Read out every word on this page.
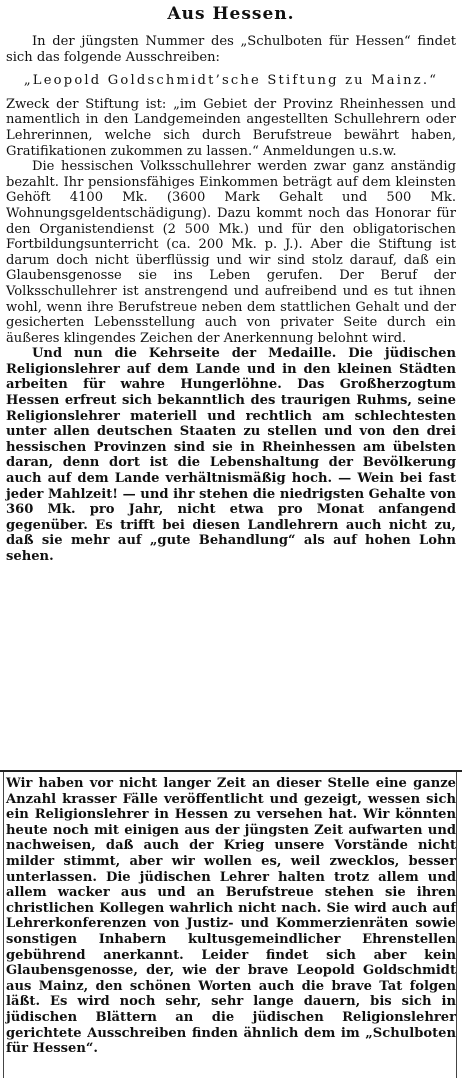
Aus Hessen.

In der jüngsten Nummer des „Schulboten für Hessen“ findet sich das folgende Ausschreiben:

„Leopold Goldschmidt’sche Stiftung zu Mainz.“

Zweck der Stiftung ist: „im Gebiet der Provinz Rheinhessen und namentlich in den Landgemeinden angestellten Schullehrern oder Lehrerinnen, welche sich durch Berufstreue bewährt haben, Gratifikationen zukommen zu lassen.“ Anmeldungen u.s.w.

Die hessischen Volksschullehrer werden zwar ganz anständig bezahlt. Ihr pensionsfähiges Einkommen beträgt auf dem kleinsten Gehöft 4100 Mk. (3600 Mark Gehalt und 500 Mk. Wohnungsgeldentschädigung). Dazu kommt noch das Honorar für den Organistendienst (2 500 Mk.) und für den obligatorischen Fortbildungsunterricht (ca. 200 Mk. p. J.). Aber die Stiftung ist darum doch nicht überflüssig und wir sind stolz darauf, daß ein Glaubensgenosse sie ins Leben gerufen. Der Beruf der Volksschullehrer ist anstrengend und aufreibend und es tut ihnen wohl, wenn ihre Berufstreue neben dem stattlichen Gehalt und der gesicherten Lebensstellung auch von privater Seite durch ein äußeres klingendes Zeichen der Anerkennung belohnt wird.

Und nun die Kehrseite der Medaille. Die jüdischen Religionslehrer auf dem Lande und in den kleinen Städten arbeiten für wahre Hungerlöhne. Das Großherzogtum Hessen erfreut sich bekanntlich des traurigen Ruhms, seine Religionslehrer materiell und rechtlich am schlechtesten unter allen deutschen Staaten zu stellen und von den drei hessischen Provinzen sind sie in Rheinhessen am übelsten daran, denn dort ist die Lebenshaltung der Bevölkerung auch auf dem Lande verhältnismäßig hoch. — Wein bei fast jeder Mahlzeit! — und ihr stehen die niedrigsten Gehalte von 360 Mk. pro Jahr, nicht etwa pro Monat anfangend gegenüber. Es trifft bei diesen Landlehrern auch nicht zu, daß sie mehr auf „gute Behandlung“ als auf hohen Lohn sehen.

Wir haben vor nicht langer Zeit an dieser Stelle eine ganze Anzahl krasser Fälle veröffentlicht und gezeigt, wessen sich ein Religionslehrer in Hessen zu versehen hat. Wir könnten heute noch mit einigen aus der jüngsten Zeit aufwarten und nachweisen, daß auch der Krieg unsere Vorstände nicht milder stimmt, aber wir wollen es, weil zwecklos, besser unterlassen. Die jüdischen Lehrer halten trotz allem und allem wacker aus und an Berufstreue stehen sie ihren christlichen Kollegen wahrlich nicht nach. Sie wird auch auf Lehrerkonferenzen von Justiz- und Kommerzienräten sowie sonstigen Inhabern kultusgemeindlicher Ehrenstellen gebührend anerkannt. Leider findet sich aber kein Glaubensgenosse, der, wie der brave Leopold Goldschmidt aus Mainz, den schönen Worten auch die brave Tat folgen läßt. Es wird noch sehr, sehr lange dauern, bis sich in jüdischen Blättern an die jüdischen Religionslehrer gerichtete Ausschreiben finden ähnlich dem im „Schulboten für Hessen“.
